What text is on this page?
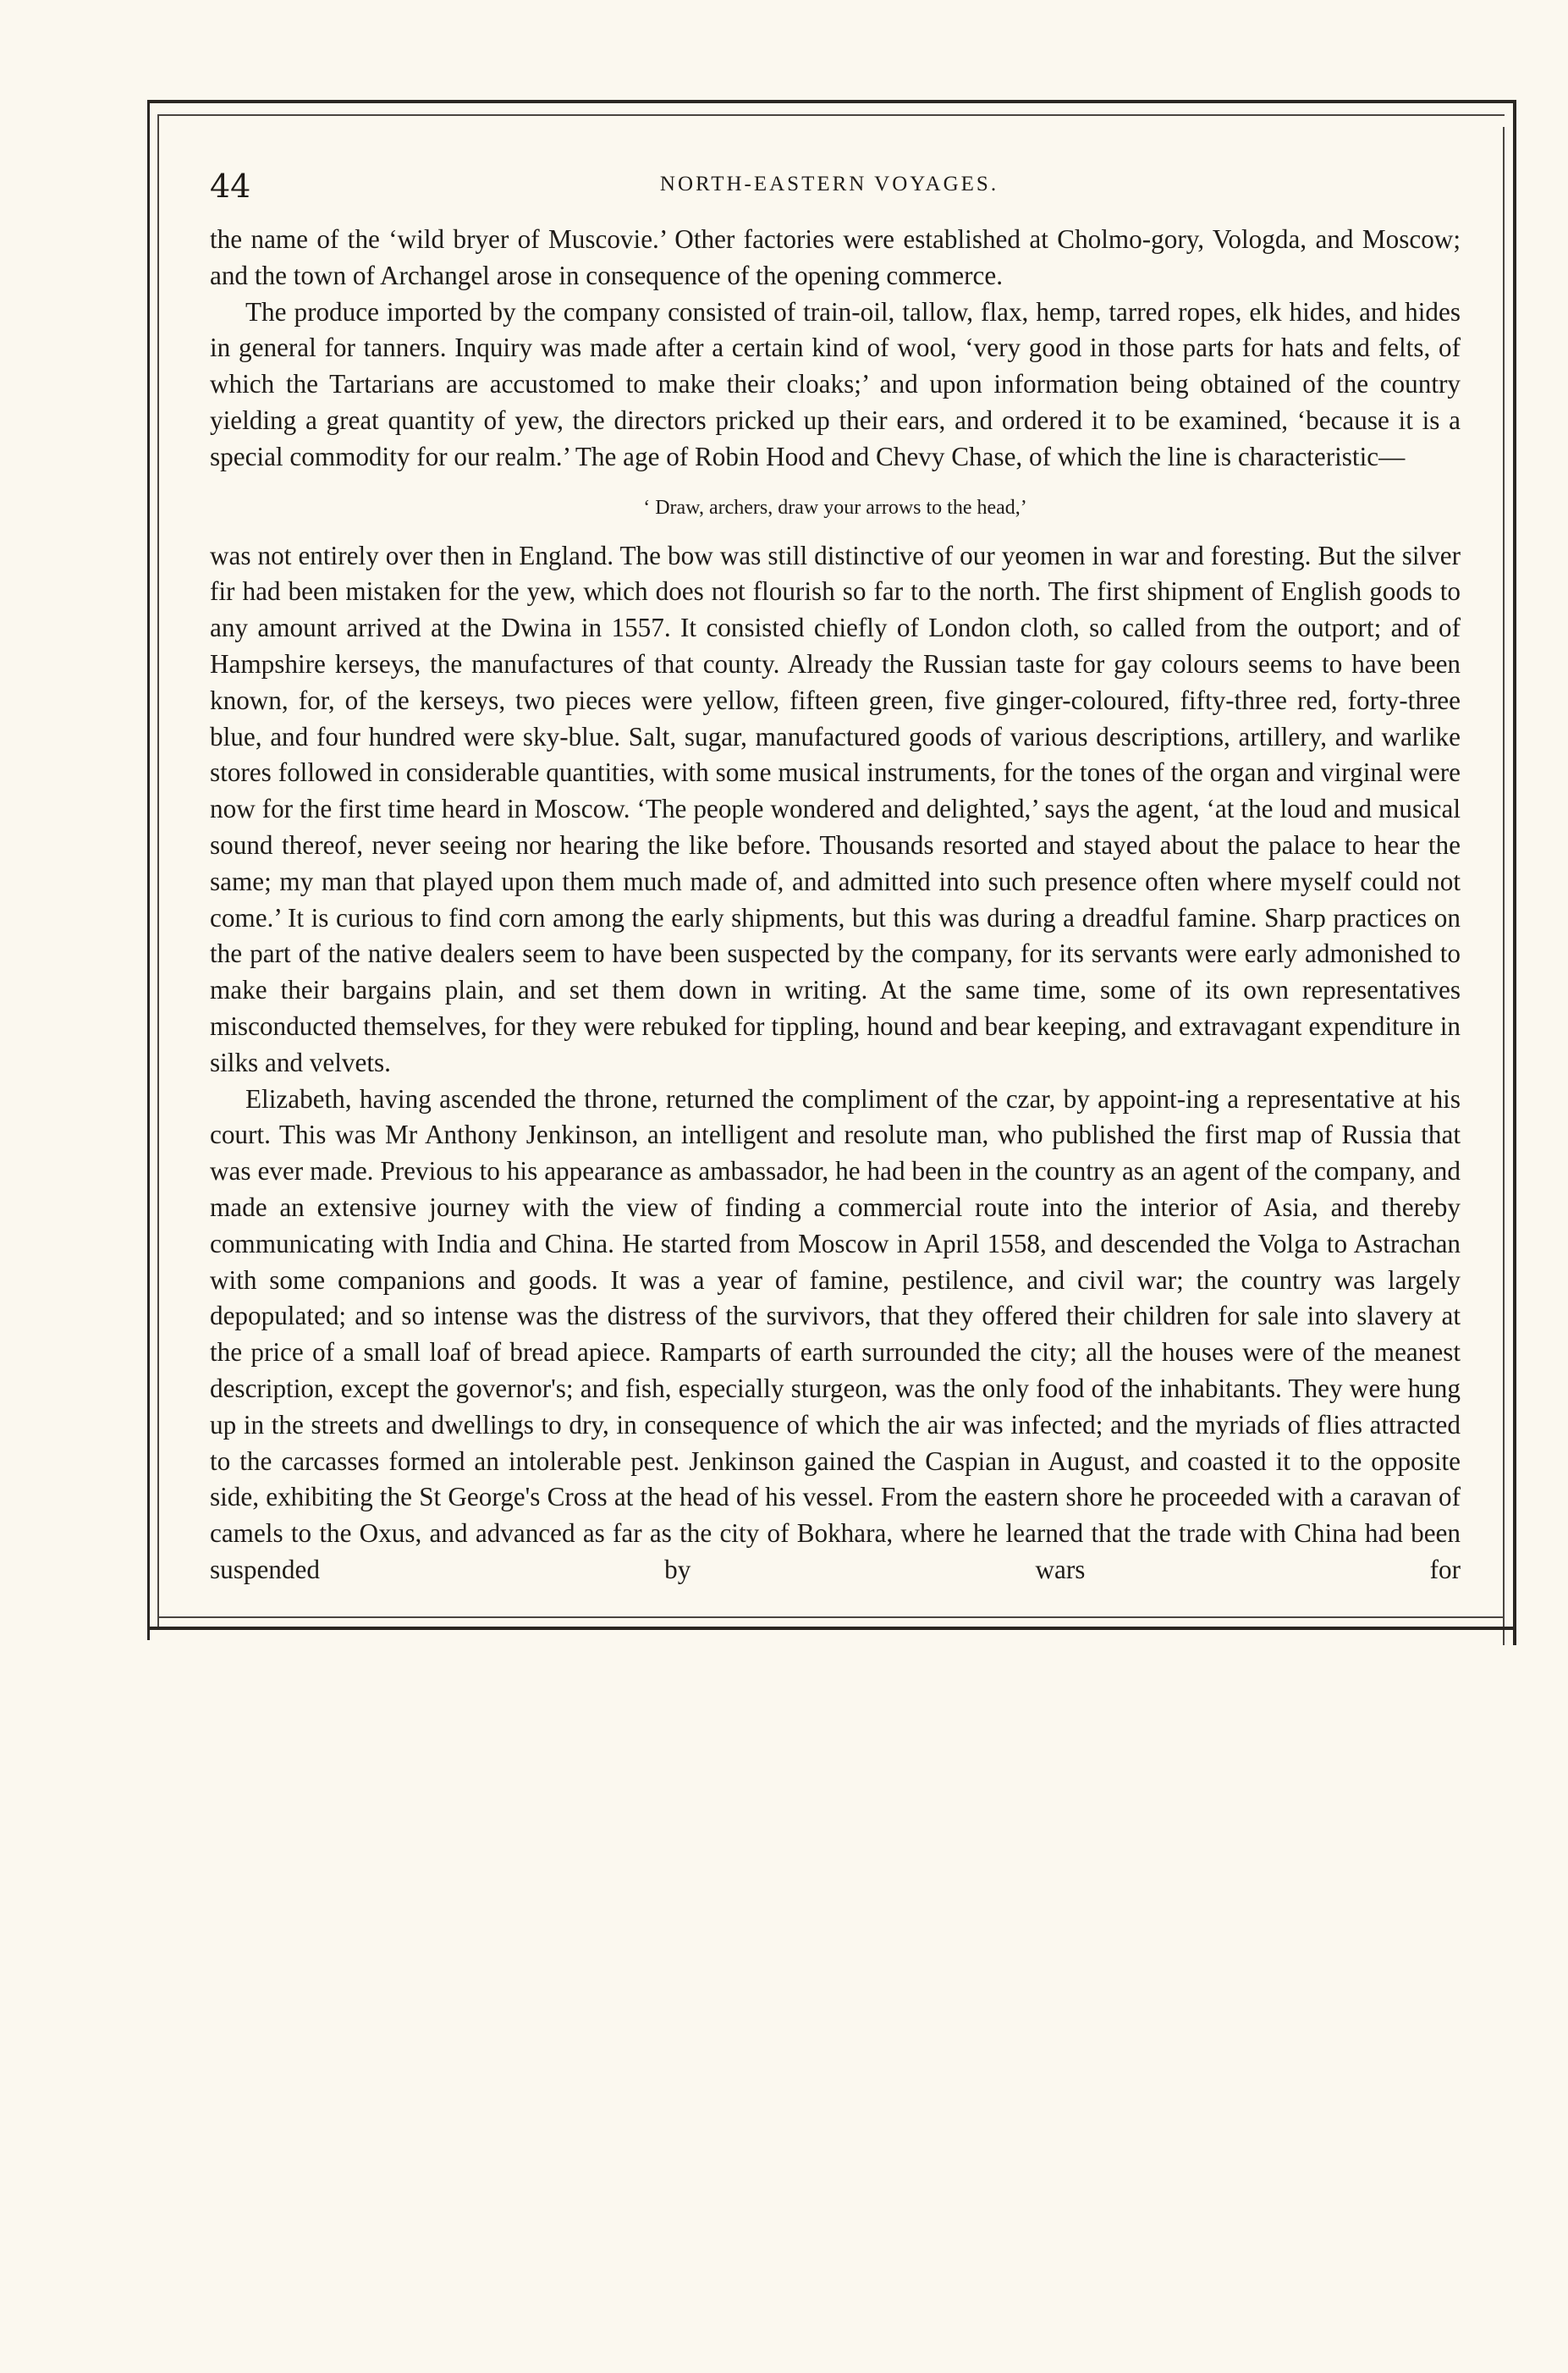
44	NORTH-EASTERN VOYAGES.

the name of the ‘wild bryer of Muscovie.’ Other factories were established at Cholmo-gory, Vologda, and Moscow; and the town of Archangel arose in consequence of the opening commerce.

The produce imported by the company consisted of train-oil, tallow, flax, hemp, tarred ropes, elk hides, and hides in general for tanners. Inquiry was made after a certain kind of wool, ‘very good in those parts for hats and felts, of which the Tartarians are accustomed to make their cloaks;’ and upon information being obtained of the country yielding a great quantity of yew, the directors pricked up their ears, and ordered it to be examined, ‘because it is a special commodity for our realm.’ The age of Robin Hood and Chevy Chase, of which the line is characteristic—

‘ Draw, archers, draw your arrows to the head,’

was not entirely over then in England. The bow was still distinctive of our yeomen in war and foresting. But the silver fir had been mistaken for the yew, which does not flourish so far to the north. The first shipment of English goods to any amount arrived at the Dwina in 1557. It consisted chiefly of London cloth, so called from the outport; and of Hampshire kerseys, the manufactures of that county. Already the Russian taste for gay colours seems to have been known, for, of the kerseys, two pieces were yellow, fifteen green, five ginger-coloured, fifty-three red, forty-three blue, and four hundred were sky-blue. Salt, sugar, manufactured goods of various descriptions, artillery, and warlike stores followed in considerable quantities, with some musical instruments, for the tones of the organ and virginal were now for the first time heard in Moscow. ‘The people wondered and delighted,’ says the agent, ‘at the loud and musical sound thereof, never seeing nor hearing the like before. Thousands resorted and stayed about the palace to hear the same; my man that played upon them much made of, and admitted into such presence often where myself could not come.’ It is curious to find corn among the early shipments, but this was during a dreadful famine. Sharp practices on the part of the native dealers seem to have been suspected by the company, for its servants were early admonished to make their bargains plain, and set them down in writing. At the same time, some of its own representatives misconducted themselves, for they were rebuked for tippling, hound and bear keeping, and extravagant expenditure in silks and velvets.

Elizabeth, having ascended the throne, returned the compliment of the czar, by appoint-ing a representative at his court. This was Mr Anthony Jenkinson, an intelligent and resolute man, who published the first map of Russia that was ever made. Previous to his appearance as ambassador, he had been in the country as an agent of the company, and made an extensive journey with the view of finding a commercial route into the interior of Asia, and thereby communicating with India and China. He started from Moscow in April 1558, and descended the Volga to Astrachan with some companions and goods. It was a year of famine, pestilence, and civil war; the country was largely depopulated; and so intense was the distress of the survivors, that they offered their children for sale into slavery at the price of a small loaf of bread apiece. Ramparts of earth surrounded the city; all the houses were of the meanest description, except the governor's; and fish, especially sturgeon, was the only food of the inhabitants. They were hung up in the streets and dwellings to dry, in consequence of which the air was infected; and the myriads of flies attracted to the carcasses formed an intolerable pest. Jenkinson gained the Caspian in August, and coasted it to the opposite side, exhibiting the St George's Cross at the head of his vessel. From the eastern shore he proceeded with a caravan of camels to the Oxus, and advanced as far as the city of Bokhara, where he learned that the trade with China had been suspended by wars for
